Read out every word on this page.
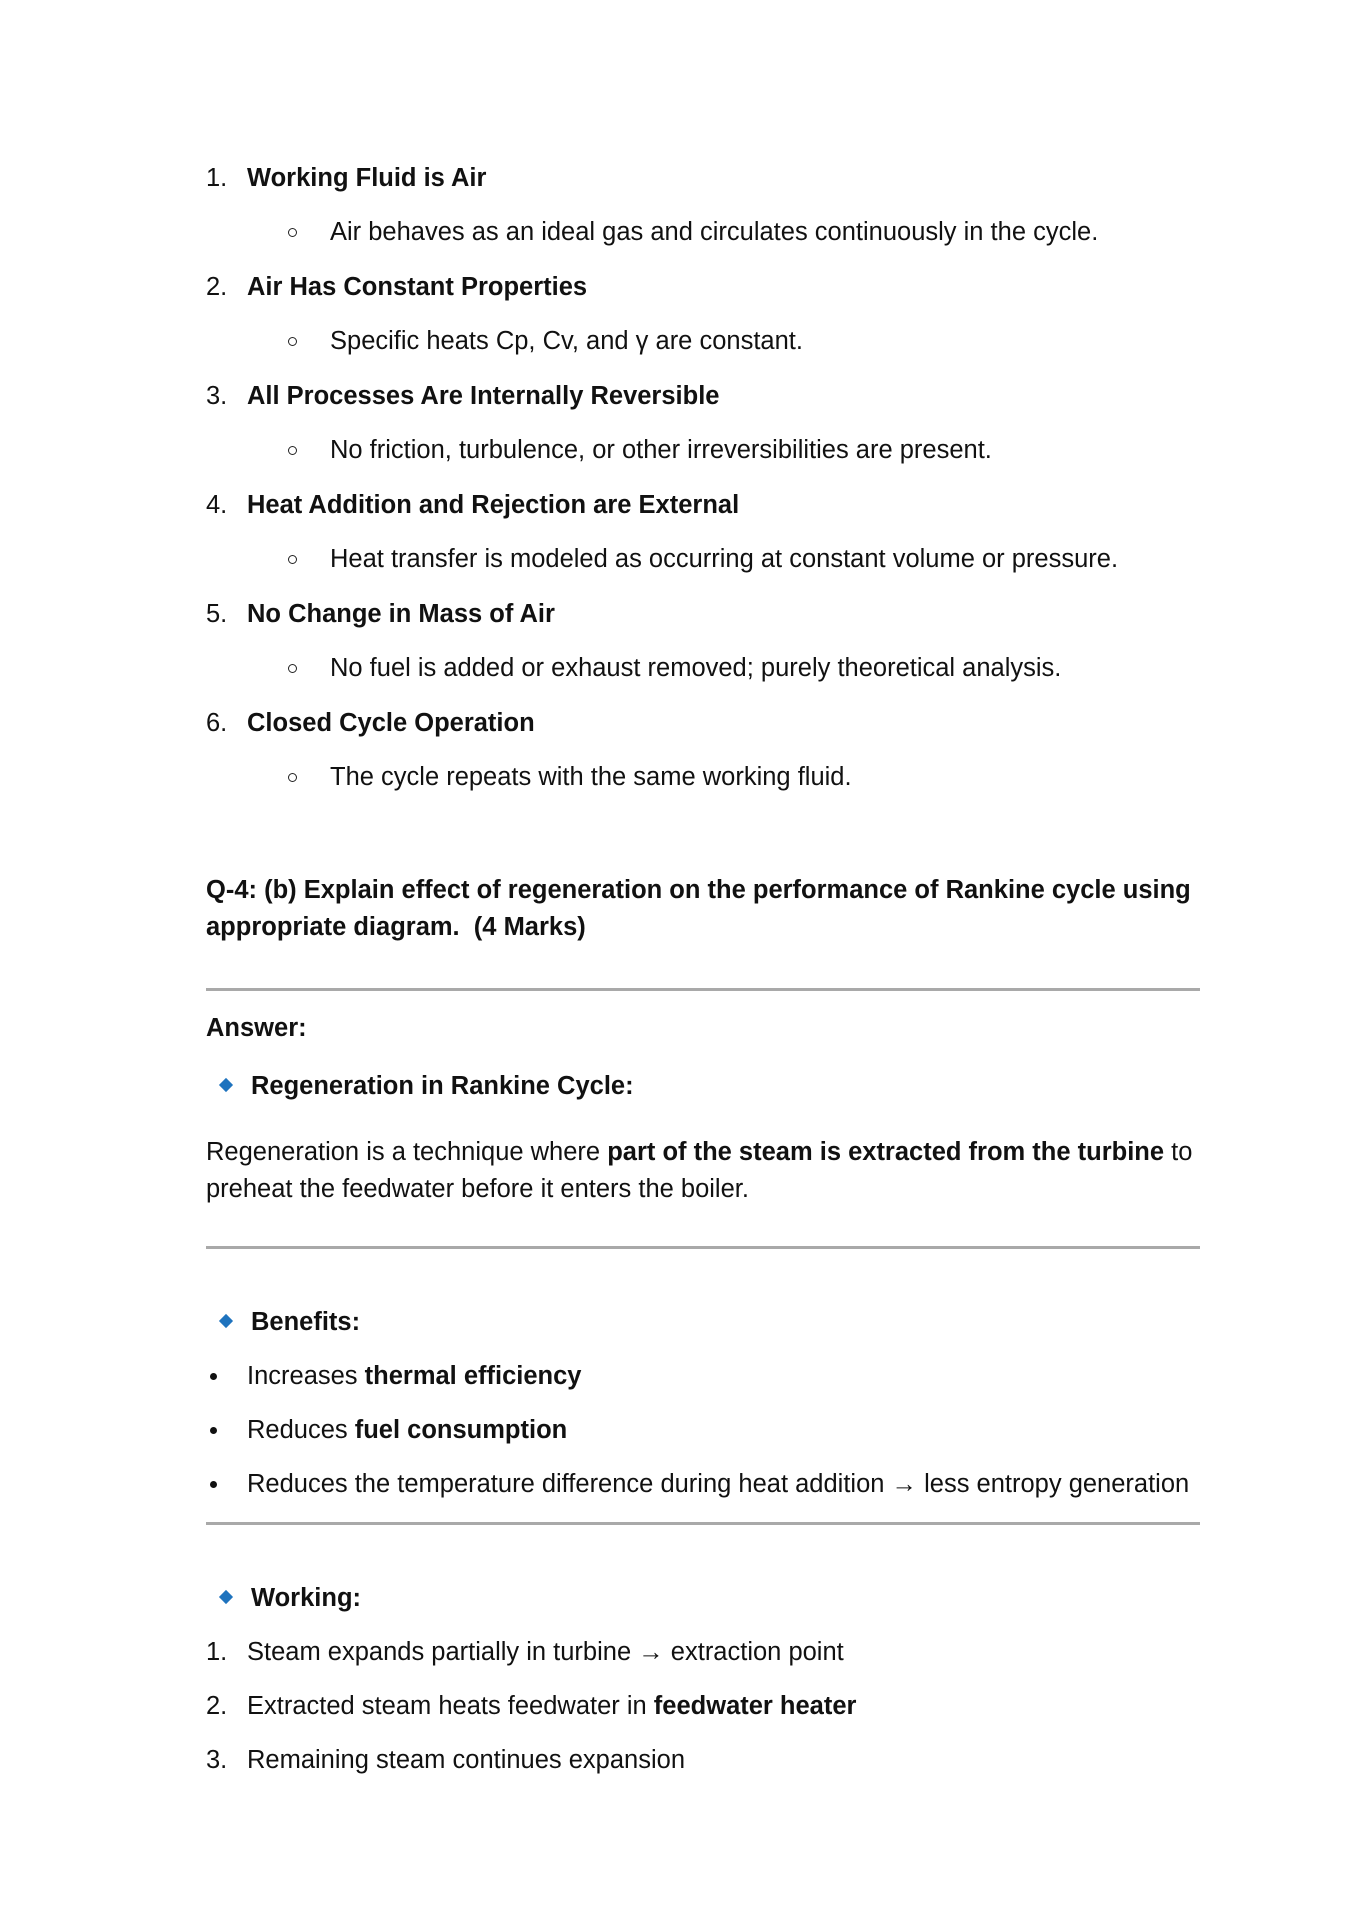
1. Working Fluid is Air
Air behaves as an ideal gas and circulates continuously in the cycle.
2. Air Has Constant Properties
Specific heats Cp, Cv, and γ are constant.
3. All Processes Are Internally Reversible
No friction, turbulence, or other irreversibilities are present.
4. Heat Addition and Rejection are External
Heat transfer is modeled as occurring at constant volume or pressure.
5. No Change in Mass of Air
No fuel is added or exhaust removed; purely theoretical analysis.
6. Closed Cycle Operation
The cycle repeats with the same working fluid.
Q-4: (b) Explain effect of regeneration on the performance of Rankine cycle using
appropriate diagram.  (4 Marks)
Answer:
Regeneration in Rankine Cycle:
Regeneration is a technique where part of the steam is extracted from the turbine to
preheat the feedwater before it enters the boiler.
Benefits:
Increases thermal efficiency
Reduces fuel consumption
Reduces the temperature difference during heat addition → less entropy generation
Working:
1. Steam expands partially in turbine → extraction point
2. Extracted steam heats feedwater in feedwater heater
3. Remaining steam continues expansion
